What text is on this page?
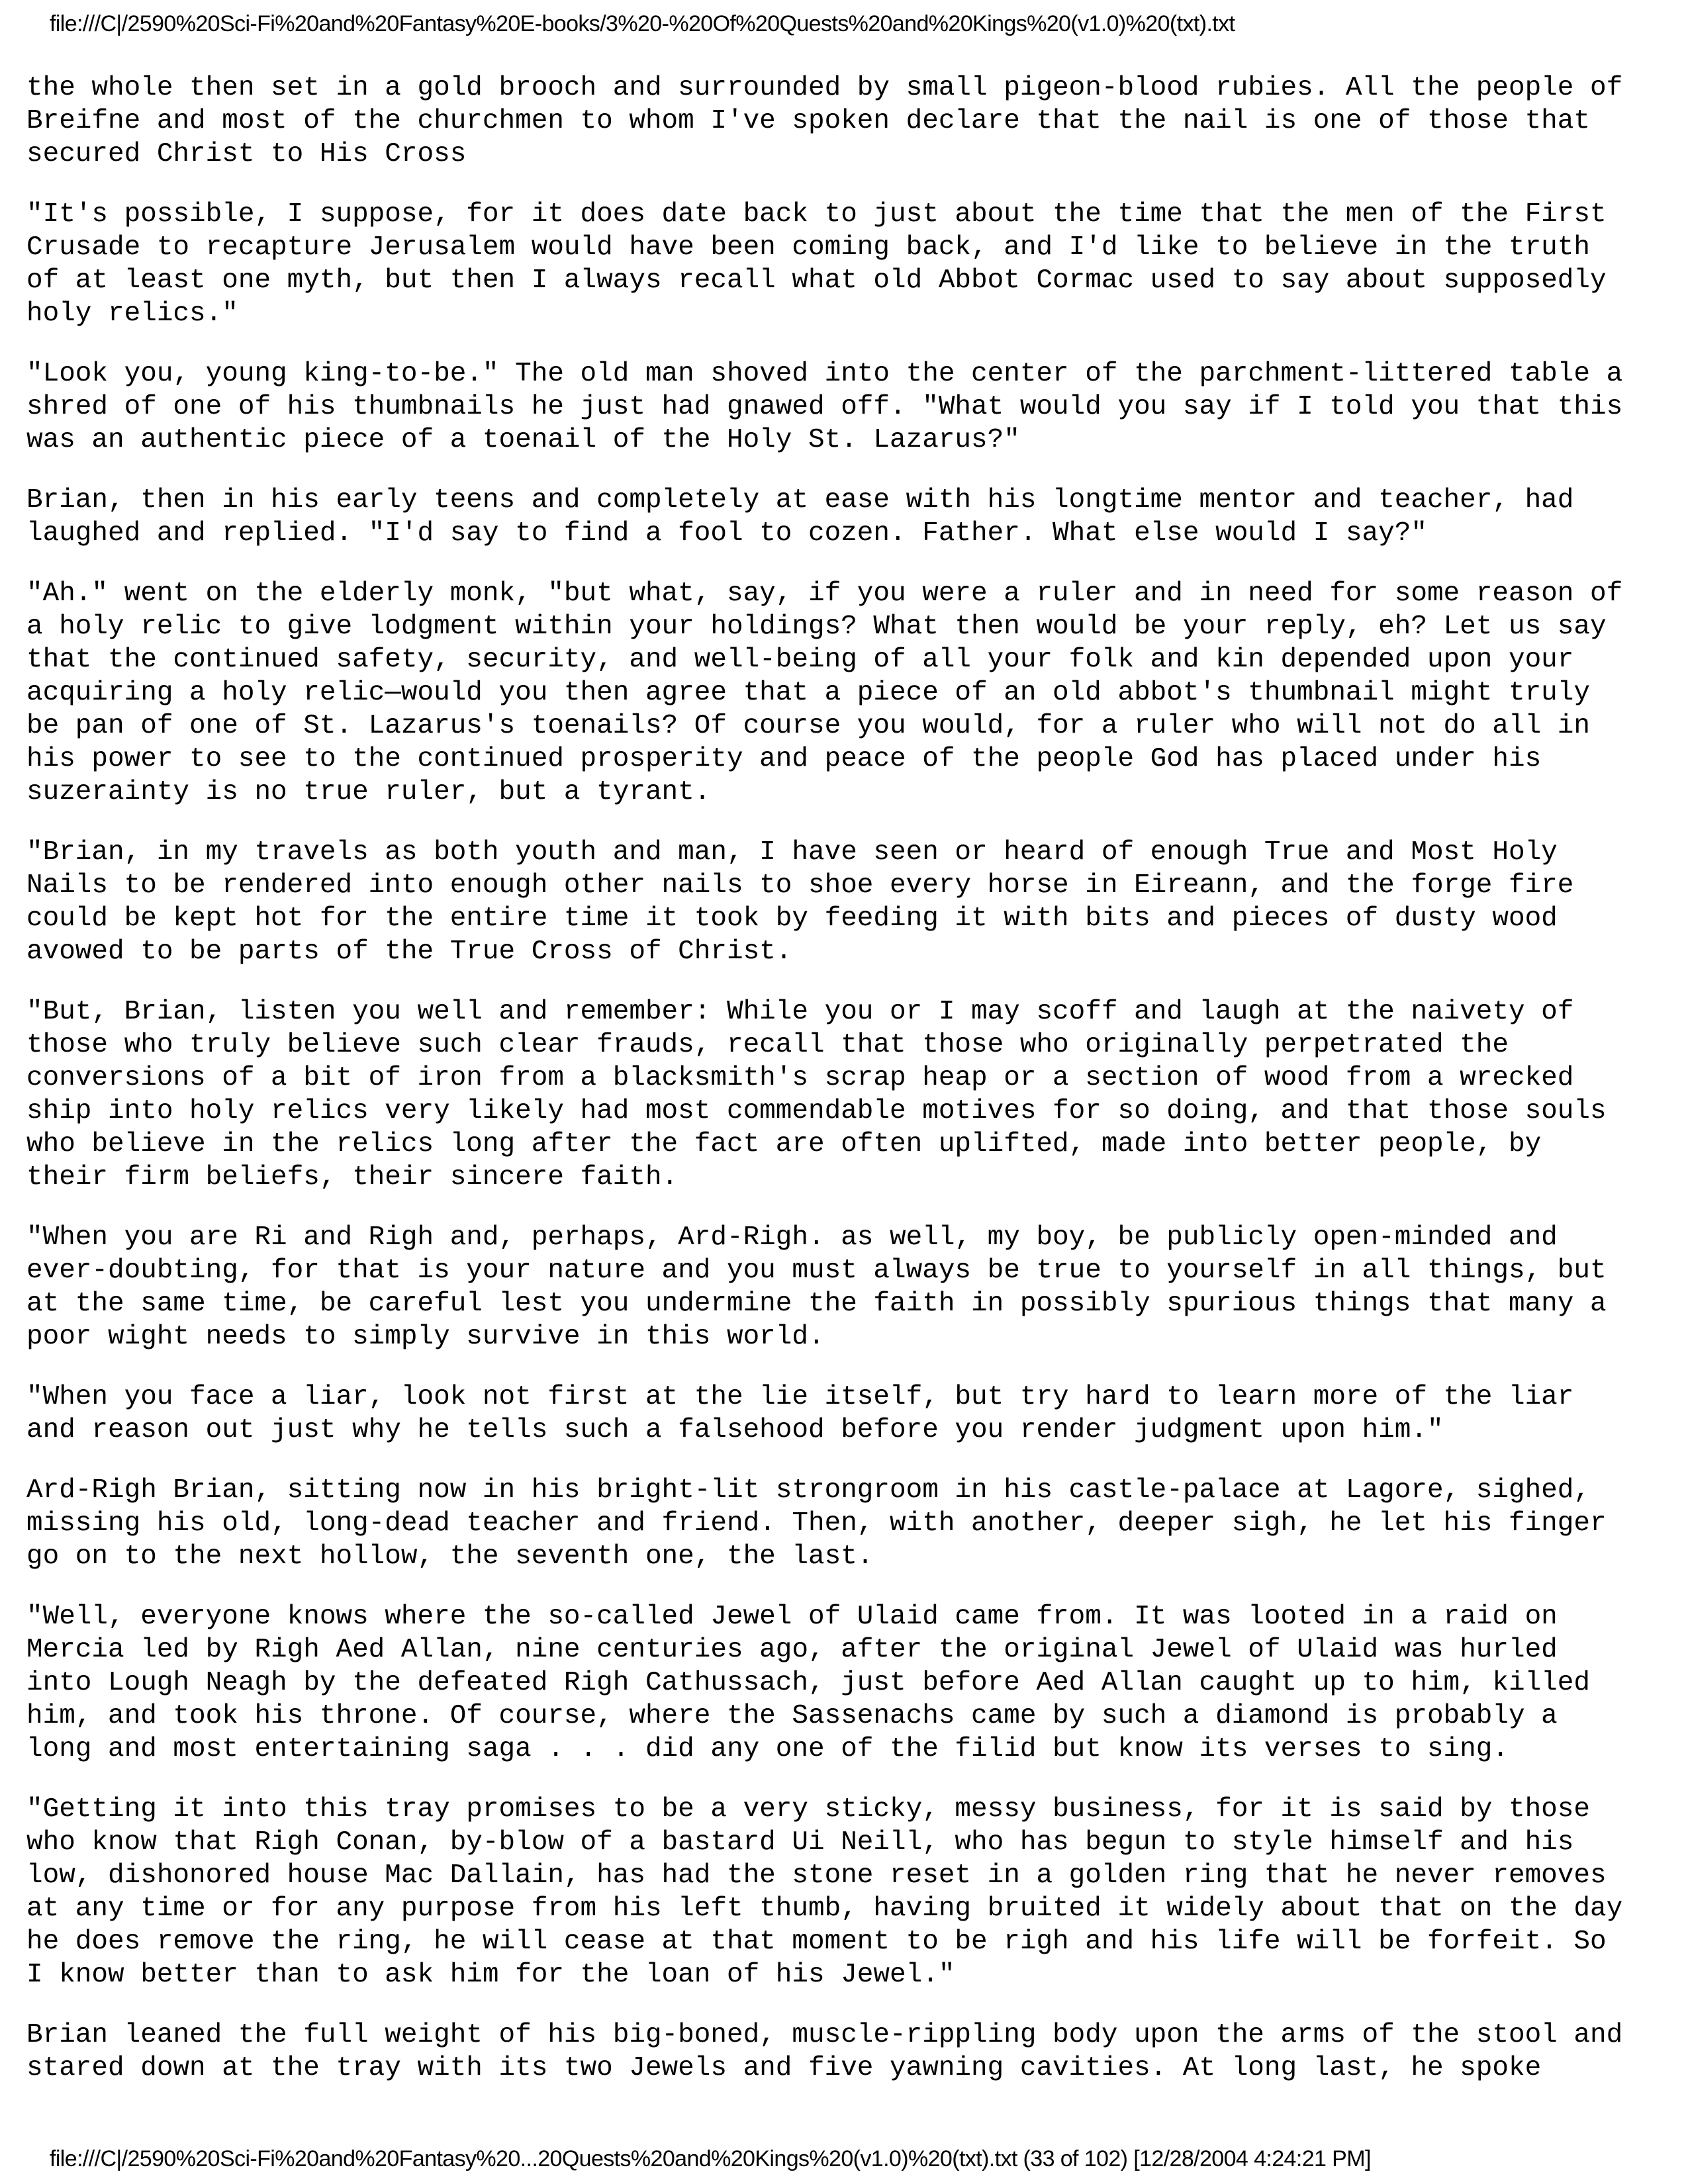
file:///C|/2590%20Sci-Fi%20and%20Fantasy%20E-books/3%20-%20Of%20Quests%20and%20Kings%20(v1.0)%20(txt).txt

the whole then set in a gold brooch and surrounded by small pigeon-blood rubies. All the people of
Breifne and most of the churchmen to whom I've spoken declare that the nail is one of those that
secured Christ to His Cross

"It's possible, I suppose, for it does date back to just about the time that the men of the First
Crusade to recapture Jerusalem would have been coming back, and I'd like to believe in the truth
of at least one myth, but then I always recall what old Abbot Cormac used to say about supposedly
holy relics."

"Look you, young king-to-be." The old man shoved into the center of the parchment-littered table a
shred of one of his thumbnails he just had gnawed off. "What would you say if I told you that this
was an authentic piece of a toenail of the Holy St. Lazarus?"

Brian, then in his early teens and completely at ease with his longtime mentor and teacher, had
laughed and replied. "I'd say to find a fool to cozen. Father. What else would I say?"

"Ah." went on the elderly monk, "but what, say, if you were a ruler and in need for some reason of
a holy relic to give lodgment within your holdings? What then would be your reply, eh? Let us say
that the continued safety, security, and well-being of all your folk and kin depended upon your
acquiring a holy relic—would you then agree that a piece of an old abbot's thumbnail might truly
be pan of one of St. Lazarus's toenails? Of course you would, for a ruler who will not do all in
his power to see to the continued prosperity and peace of the people God has placed under his
suzerainty is no true ruler, but a tyrant.

"Brian, in my travels as both youth and man, I have seen or heard of enough True and Most Holy
Nails to be rendered into enough other nails to shoe every horse in Eireann, and the forge fire
could be kept hot for the entire time it took by feeding it with bits and pieces of dusty wood
avowed to be parts of the True Cross of Christ.

"But, Brian, listen you well and remember: While you or I may scoff and laugh at the naivety of
those who truly believe such clear frauds, recall that those who originally perpetrated the
conversions of a bit of iron from a blacksmith's scrap heap or a section of wood from a wrecked
ship into holy relics very likely had most commendable motives for so doing, and that those souls
who believe in the relics long after the fact are often uplifted, made into better people, by
their firm beliefs, their sincere faith.

"When you are Ri and Righ and, perhaps, Ard-Righ. as well, my boy, be publicly open-minded and
ever-doubting, for that is your nature and you must always be true to yourself in all things, but
at the same time, be careful lest you undermine the faith in possibly spurious things that many a
poor wight needs to simply survive in this world.

"When you face a liar, look not first at the lie itself, but try hard to learn more of the liar
and reason out just why he tells such a falsehood before you render judgment upon him."

Ard-Righ Brian, sitting now in his bright-lit strongroom in his castle-palace at Lagore, sighed,
missing his old, long-dead teacher and friend. Then, with another, deeper sigh, he let his finger
go on to the next hollow, the seventh one, the last.

"Well, everyone knows where the so-called Jewel of Ulaid came from. It was looted in a raid on
Mercia led by Righ Aed Allan, nine centuries ago, after the original Jewel of Ulaid was hurled
into Lough Neagh by the defeated Righ Cathussach, just before Aed Allan caught up to him, killed
him, and took his throne. Of course, where the Sassenachs came by such a diamond is probably a
long and most entertaining saga . . . did any one of the filid but know its verses to sing.

"Getting it into this tray promises to be a very sticky, messy business, for it is said by those
who know that Righ Conan, by-blow of a bastard Ui Neill, who has begun to style himself and his
low, dishonored house Mac Dallain, has had the stone reset in a golden ring that he never removes
at any time or for any purpose from his left thumb, having bruited it widely about that on the day
he does remove the ring, he will cease at that moment to be righ and his life will be forfeit. So
I know better than to ask him for the loan of his Jewel."

Brian leaned the full weight of his big-boned, muscle-rippling body upon the arms of the stool and
stared down at the tray with its two Jewels and five yawning cavities. At long last, he spoke

file:///C|/2590%20Sci-Fi%20and%20Fantasy%20...20Quests%20and%20Kings%20(v1.0)%20(txt).txt (33 of 102) [12/28/2004 4:24:21 PM]
